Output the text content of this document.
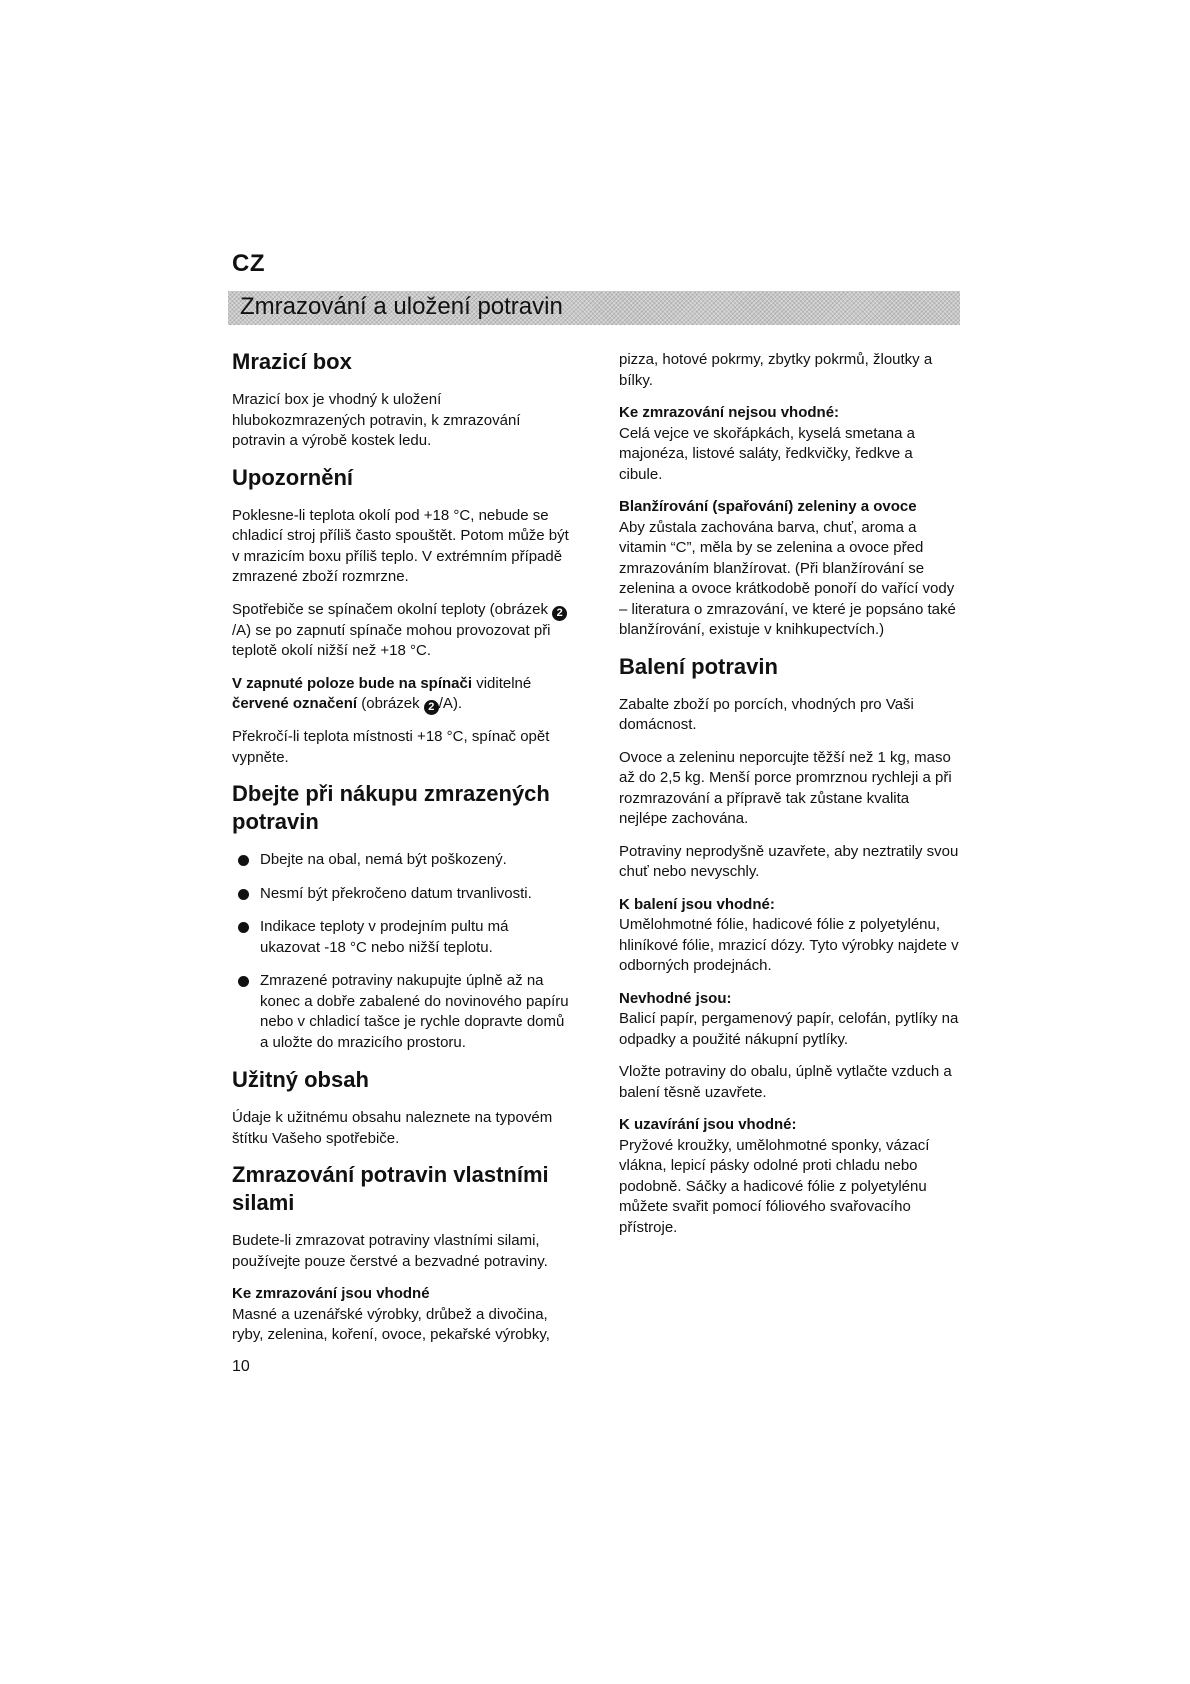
CZ
Zmrazování a uložení potravin
Mrazicí box

Mrazicí box je vhodný k uložení hlubokozmrazených potravin, k zmrazování potravin a výrobě kostek ledu.

Upozornění

Poklesne-li teplota okolí pod +18 °C, nebude se chladicí stroj příliš často spouštět. Potom může být v mrazicím boxu příliš teplo. V extrémním případě zmrazené zboží rozmrzne.

Spotřebiče se spínačem okolní teploty (obrázek 2/A) se po zapnutí spínače mohou provozovat při teplotě okolí nižší než +18 °C.

V zapnuté poloze bude na spínači viditelné červené označení (obrázek 2 /A).

Překročí-li teplota místnosti +18 °C, spínač opět vypněte.

Dbejte při nákupu zmrazených potravin
Dbejte na obal, nemá být poškozený.
Nesmí být překročeno datum trvanlivosti.
Indikace teploty v prodejním pultu má ukazovat -18 °C nebo nižší teplotu.
Zmrazené potraviny nakupujte úplně až na konec a dobře zabalené do novinového papíru nebo v chladicí tašce je rychle dopravte domů a uložte do mrazicího prostoru.
Užitný obsah

Údaje k užitnému obsahu naleznete na typovém štítku Vašeho spotřebiče.

Zmrazování potravin vlastními silami

Budete-li zmrazovat potraviny vlastními silami, používejte pouze čerstvé a bezvadné potraviny.

Ke zmrazování jsou vhodné
Masné a uzenářské výrobky, drůbež a divočina, ryby, zelenina, koření, ovoce, pekařské výrobky,

pizza, hotové pokrmy, zbytky pokrmů, žloutky a bílky.

Ke zmrazování nejsou vhodné:
Celá vejce ve skořápkách, kyselá smetana a majonéza, listové saláty, ředkvičky, ředkve a cibule.

Blanžírování (spařování) zeleniny a ovoce
Aby zůstala zachována barva, chuť, aroma a vitamin “C”, měla by se zelenina a ovoce před zmrazováním blanžírovat. (Při blanžírování se zelenina a ovoce krátkodobě ponoří do vařící vody – literatura o zmrazování, ve které je popsáno také blanžírování, existuje v knihkupectvích.)

Balení potravin

Zabalte zboží po porcích, vhodných pro Vaši domácnost.

Ovoce a zeleninu neporcujte těžší než 1 kg, maso až do 2,5 kg. Menší porce promrznou rychleji a při rozmrazování a přípravě tak zůstane kvalita nejlépe zachována.

Potraviny neprodyšně uzavřete, aby neztratily svou chuť nebo nevyschly.

K balení jsou vhodné:
Umělohmotné fólie, hadicové fólie z polyetylénu, hliníkové fólie, mrazicí dózy. Tyto výrobky najdete v odborných prodejnách.

Nevhodné jsou:
Balicí papír, pergamenový papír, celofán, pytlíky na odpadky a použité nákupní pytlíky.

Vložte potraviny do obalu, úplně vytlačte vzduch a balení těsně uzavřete.

K uzavírání jsou vhodné:
Pryžové kroužky, umělohmotné sponky, vázací vlákna, lepicí pásky odolné proti chladu nebo podobně. Sáčky a hadicové fólie z polyetylénu můžete svařit pomocí fóliového svařovacího přístroje.

10
